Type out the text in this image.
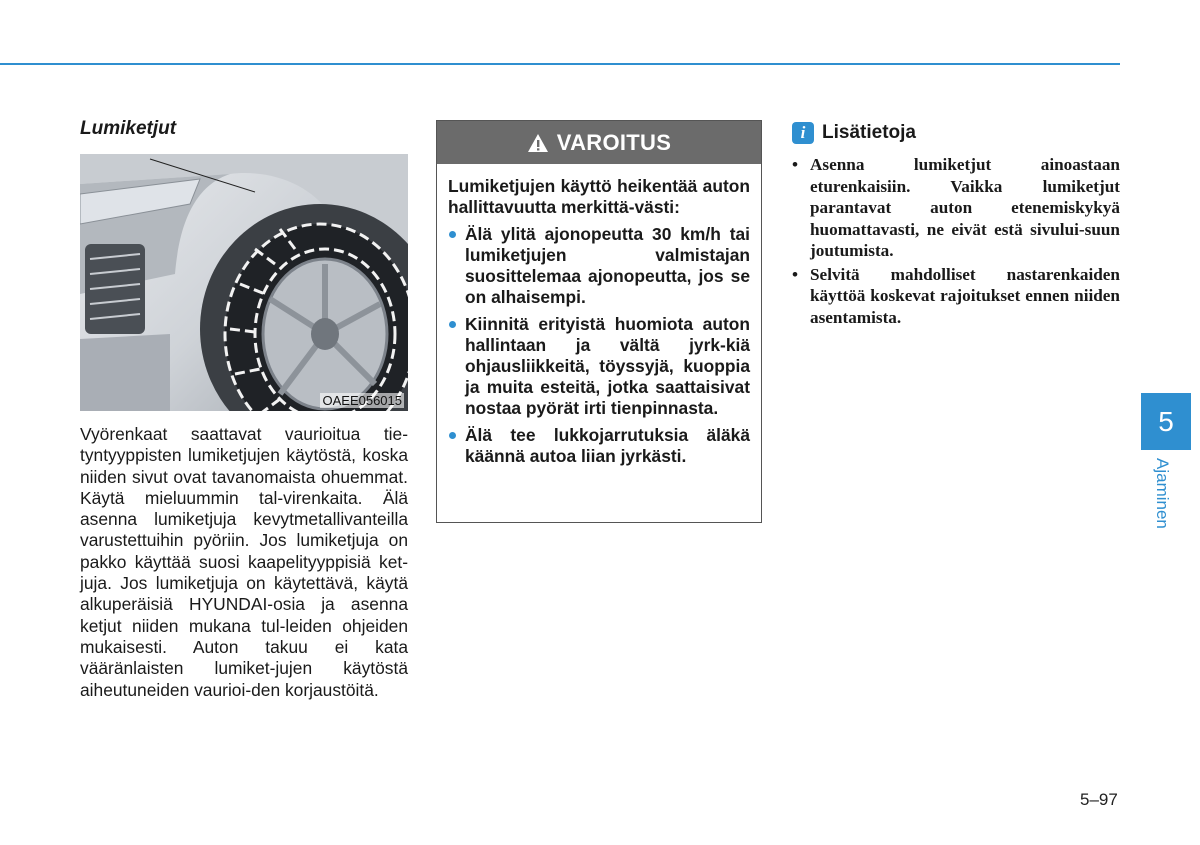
Lumiketjut
OAEE056015
Vyörenkaat saattavat vaurioitua tie-tyntyyppisten lumiketjujen käytöstä, koska niiden sivut ovat tavanomaista ohuemmat. Käytä mieluummin tal-virenkaita. Älä asenna lumiketjuja kevytmetallivanteilla varustettuihin pyöriin. Jos lumiketjuja on pakko käyttää suosi kaapelityyppisiä ket-juja. Jos lumiketjuja on käytettävä, käytä alkuperäisiä HYUNDAI-osia ja asenna ketjut niiden mukana tul-leiden ohjeiden mukaisesti. Auton takuu ei kata vääränlaisten lumiket-jujen käytöstä aiheutuneiden vaurioi-den korjaustöitä.
VAROITUS
Lumiketjujen käyttö heikentää auton hallittavuutta merkittä-västi:
Älä ylitä ajonopeutta 30 km/h tai lumiketjujen valmistajan suosittelemaa ajonopeutta, jos se on alhaisempi.
Kiinnitä erityistä huomiota auton hallintaan ja vältä jyrk-kiä ohjausliikkeitä, töyssyjä, kuoppia ja muita esteitä, jotka saattaisivat nostaa pyörät irti tienpinnasta.
Älä tee lukkojarrutuksia äläkä käännä autoa liian jyrkästi.
i Lisätietoja
• Asenna lumiketjut ainoastaan eturenkaisiin. Vaikka lumiketjut parantavat auton etenemiskykyä huomattavasti, ne eivät estä sivului-suun joutumista.
• Selvitä mahdolliset nastarenkaiden käyttöä koskevat rajoitukset ennen niiden asentamista.
5
Ajaminen
5–97
